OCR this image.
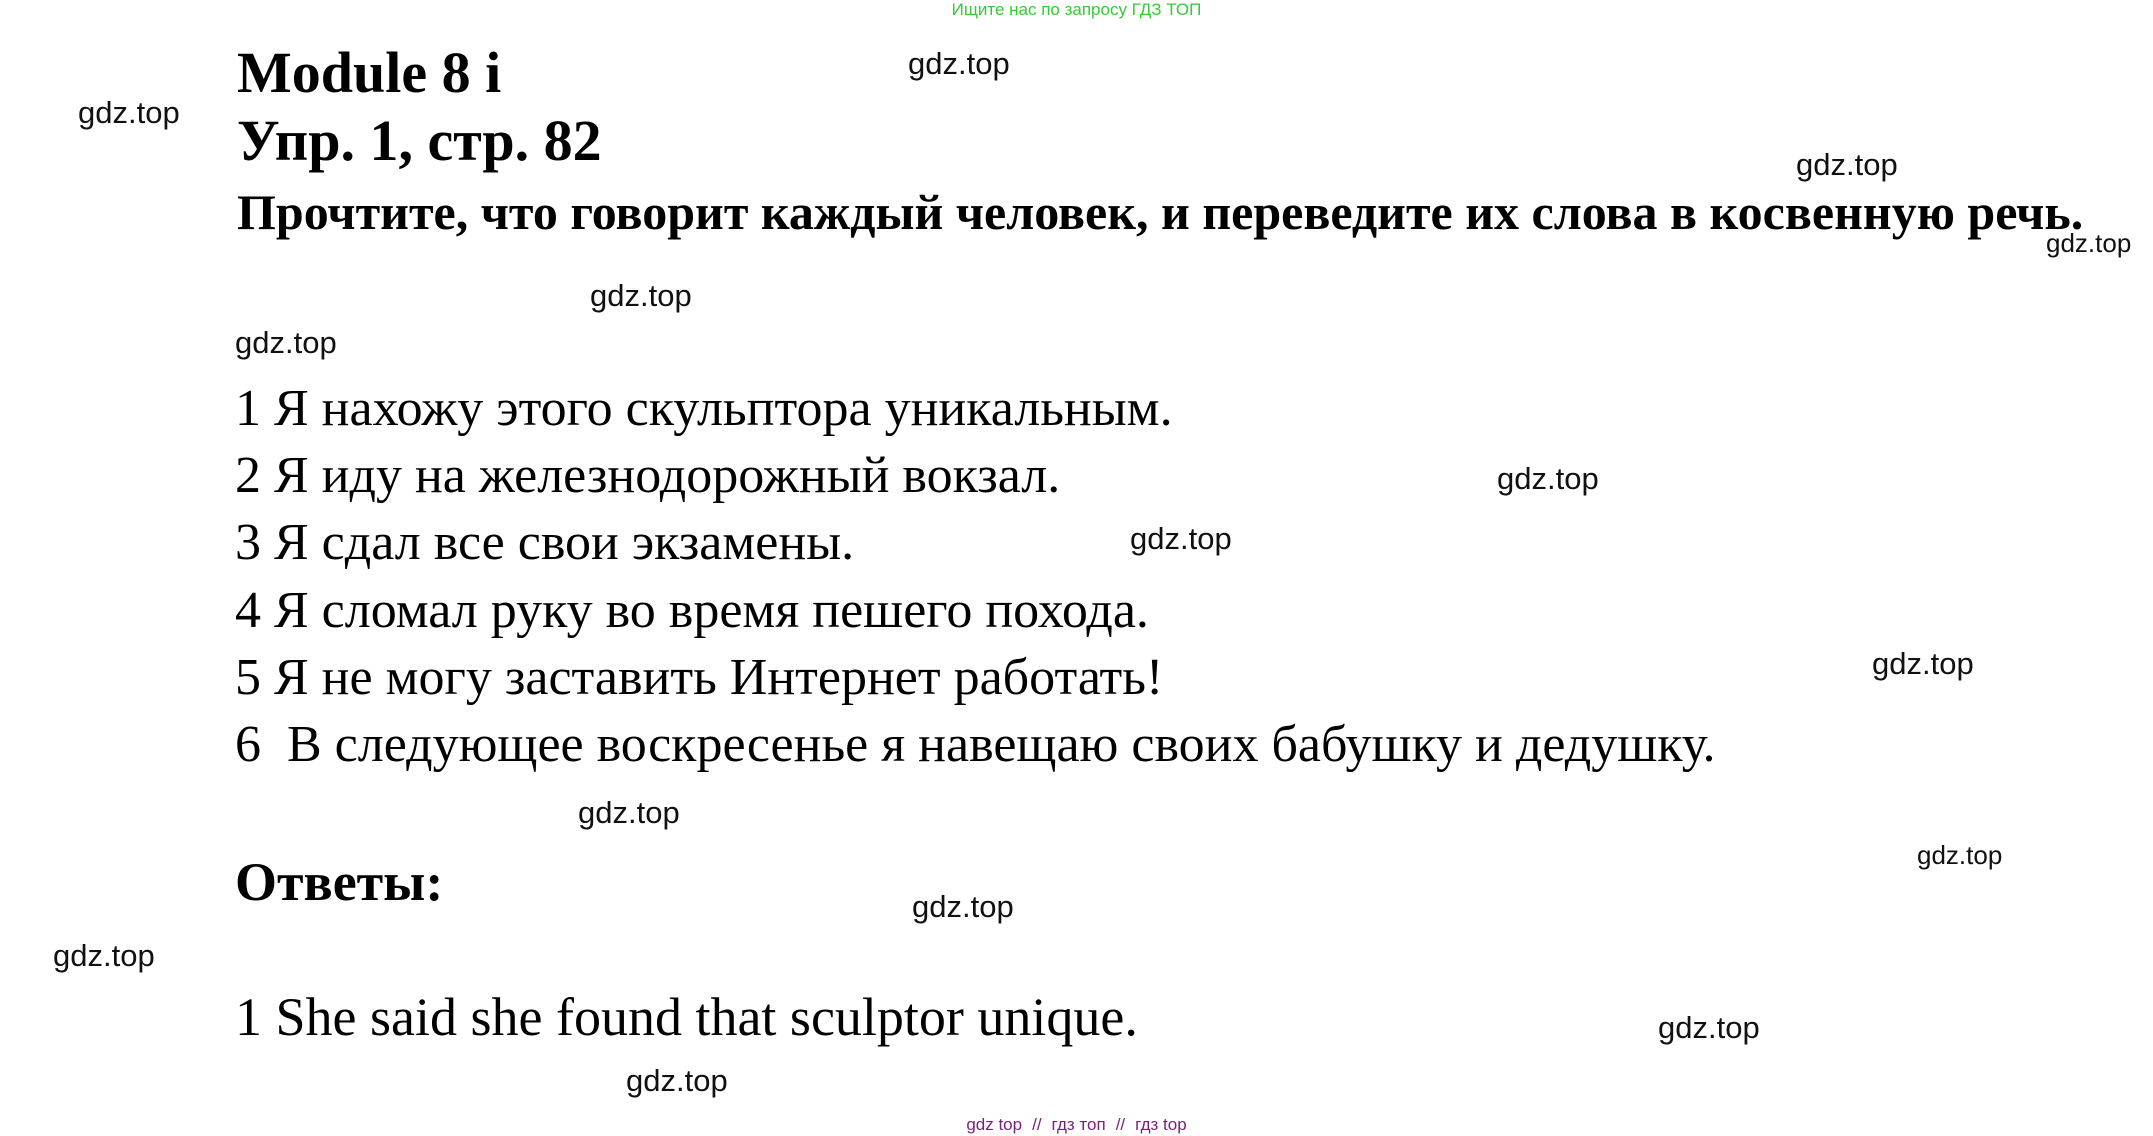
Ищите нас по запросу ГДЗ ТОП
Module 8 i
Упр. 1, стр. 82
Прочтите, что говорит каждый человек, и переведите их слова в косвенную речь.
1 Я нахожу этого скульптора уникальным.
2 Я иду на железнодорожный вокзал.
3 Я сдал все свои экзамены.
4 Я сломал руку во время пешего похода.
5 Я не могу заставить Интернет работать!
6  В следующее воскресенье я навещаю своих бабушку и дедушку.
Ответы:
1 She said she found that sculptor unique.
gdz.top
gdz.top
gdz.top
gdz.top
gdz.top
gdz.top
gdz.top
gdz.top
gdz.top
gdz.top
gdz.top
gdz.top
gdz.top
gdz.top
gdz.top
gdz top // гдз топ // гдз top
